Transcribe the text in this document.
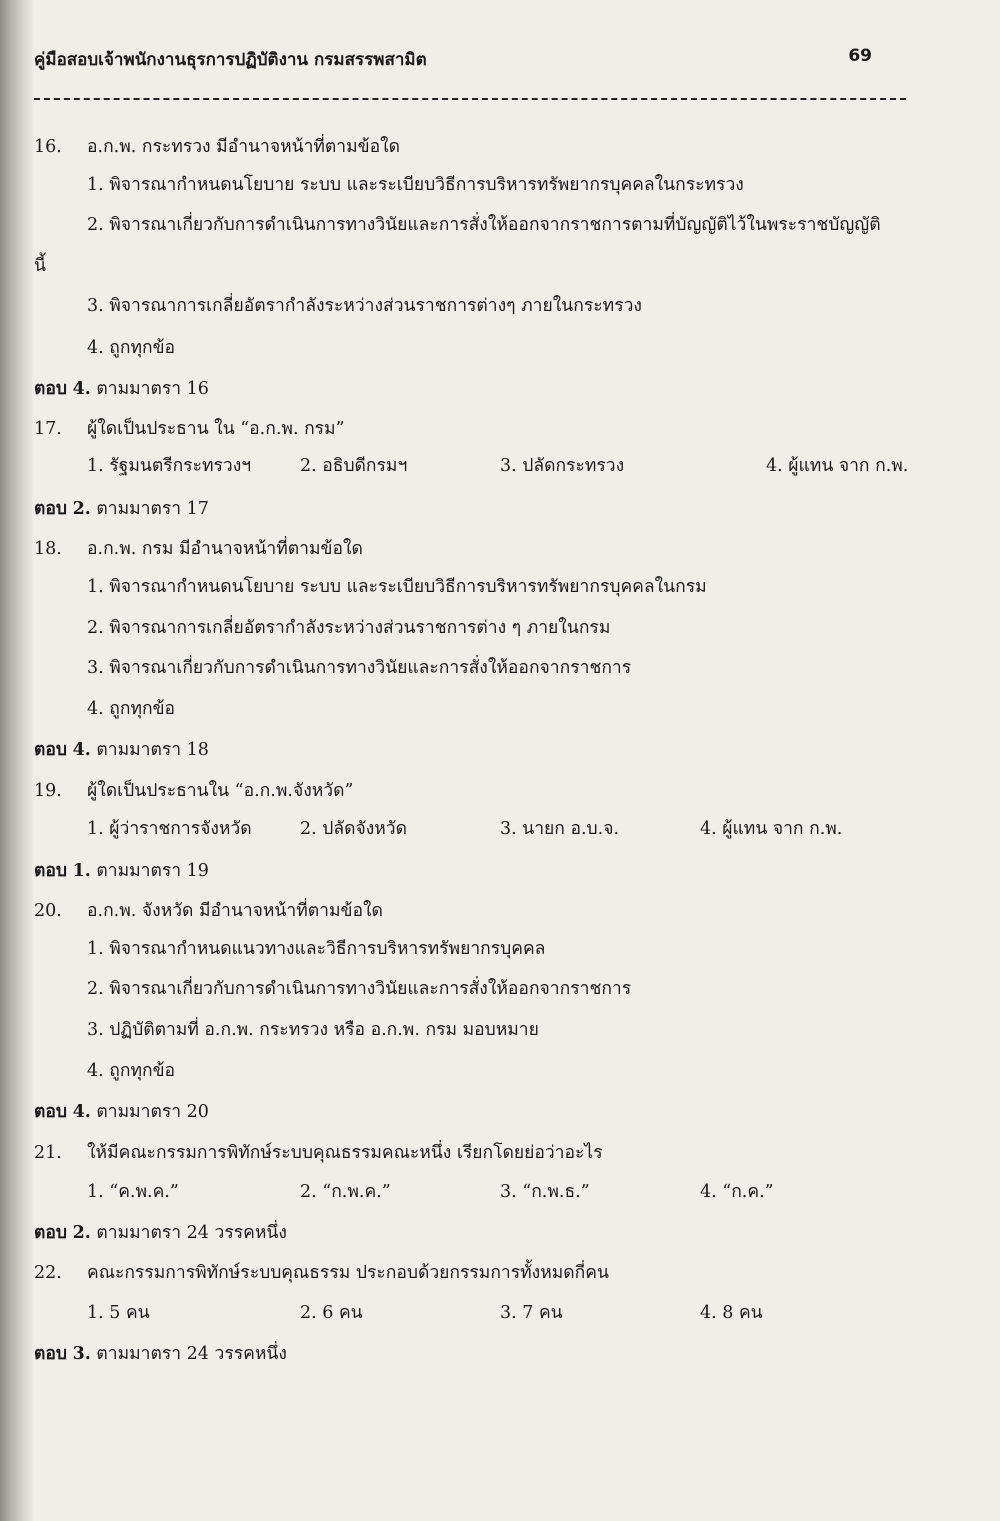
คู่มือสอบเจ้าพนักงานธุรการปฏิบัติงาน กรมสรรพสามิต	69
16. อ.ก.พ. กระทรวง มีอำนาจหน้าที่ตามข้อใด
1. พิจารณากำหนดนโยบาย ระบบ และระเบียบวิธีการบริหารทรัพยากรบุคคลในกระทรวง
2. พิจารณาเกี่ยวกับการดำเนินการทางวินัยและการสั่งให้ออกจากราชการตามที่บัญญัติไว้ในพระราชบัญญัติ
นี้
3. พิจารณาการเกลี่ยอัตรากำลังระหว่างส่วนราชการต่างๆ ภายในกระทรวง
4. ถูกทุกข้อ
ตอบ 4. ตามมาตรา 16
17. ผู้ใดเป็นประธาน ใน “อ.ก.พ. กรม”
1. รัฐมนตรีกระทรวงฯ	2. อธิบดีกรมฯ	3. ปลัดกระทรวง	4. ผู้แทน จาก ก.พ.
ตอบ 2. ตามมาตรา 17
18. อ.ก.พ. กรม มีอำนาจหน้าที่ตามข้อใด
1. พิจารณากำหนดนโยบาย ระบบ และระเบียบวิธีการบริหารทรัพยากรบุคคลในกรม
2. พิจารณาการเกลี่ยอัตรากำลังระหว่างส่วนราชการต่าง ๆ ภายในกรม
3. พิจารณาเกี่ยวกับการดำเนินการทางวินัยและการสั่งให้ออกจากราชการ
4. ถูกทุกข้อ
ตอบ 4. ตามมาตรา 18
19. ผู้ใดเป็นประธานใน “อ.ก.พ.จังหวัด”
1. ผู้ว่าราชการจังหวัด	2. ปลัดจังหวัด	3. นายก อ.บ.จ.	4. ผู้แทน จาก ก.พ.
ตอบ 1. ตามมาตรา 19
20. อ.ก.พ. จังหวัด มีอำนาจหน้าที่ตามข้อใด
1. พิจารณากำหนดแนวทางและวิธีการบริหารทรัพยากรบุคคล
2. พิจารณาเกี่ยวกับการดำเนินการทางวินัยและการสั่งให้ออกจากราชการ
3. ปฏิบัติตามที่ อ.ก.พ. กระทรวง หรือ อ.ก.พ. กรม มอบหมาย
4. ถูกทุกข้อ
ตอบ 4. ตามมาตรา 20
21. ให้มีคณะกรรมการพิทักษ์ระบบคุณธรรมคณะหนึ่ง เรียกโดยย่อว่าอะไร
1. “ค.พ.ค.”	2. “ก.พ.ค.”	3. “ก.พ.ธ.”	4. “ก.ค.”
ตอบ 2. ตามมาตรา 24 วรรคหนึ่ง
22. คณะกรรมการพิทักษ์ระบบคุณธรรม ประกอบด้วยกรรมการทั้งหมดกี่คน
1. 5 คน	2. 6 คน	3. 7 คน	4. 8 คน
ตอบ 3. ตามมาตรา 24 วรรคหนึ่ง
